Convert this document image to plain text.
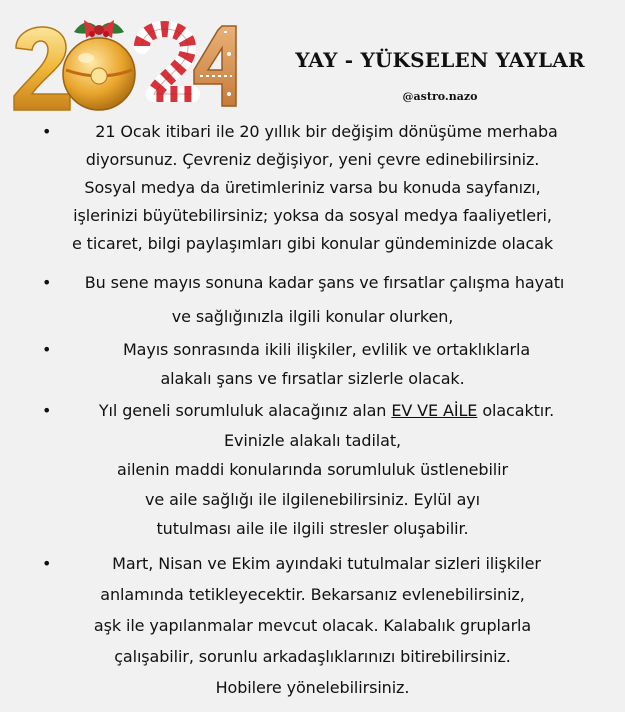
YAY - YÜKSELEN YAYLAR
@astro.nazo
•	21 Ocak itibari ile 20 yıllık bir değişim dönüşüme merhaba
diyorsunuz. Çevreniz değişiyor, yeni çevre edinebilirsiniz.
Sosyal medya da üretimleriniz varsa bu konuda sayfanızı,
işlerinizi büyütebilirsiniz; yoksa da sosyal medya faaliyetleri,
e ticaret, bilgi paylaşımları gibi konular gündeminizde olacak
•	Bu sene mayıs sonuna kadar şans ve fırsatlar çalışma hayatı
ve sağlığınızla ilgili konular olurken,
•	Mayıs sonrasında ikili ilişkiler, evlilik ve ortaklıklarla
alakalı şans ve fırsatlar sizlerle olacak.
•	Yıl geneli sorumluluk alacağınız alan EV VE AİLE olacaktır.
Evinizle alakalı tadilat,
ailenin maddi konularında sorumluluk üstlenebilir
ve aile sağlığı ile ilgilenebilirsiniz. Eylül ayı
tutulması aile ile ilgili stresler oluşabilir.
•	Mart, Nisan ve Ekim ayındaki tutulmalar sizleri ilişkiler
anlamında tetikleyecektir. Bekarsanız evlenebilirsiniz,
aşk ile yapılanmalar mevcut olacak. Kalabalık gruplarla
çalışabilir, sorunlu arkadaşlıklarınızı bitirebilirsiniz.
Hobilere yönelebilirsiniz.
